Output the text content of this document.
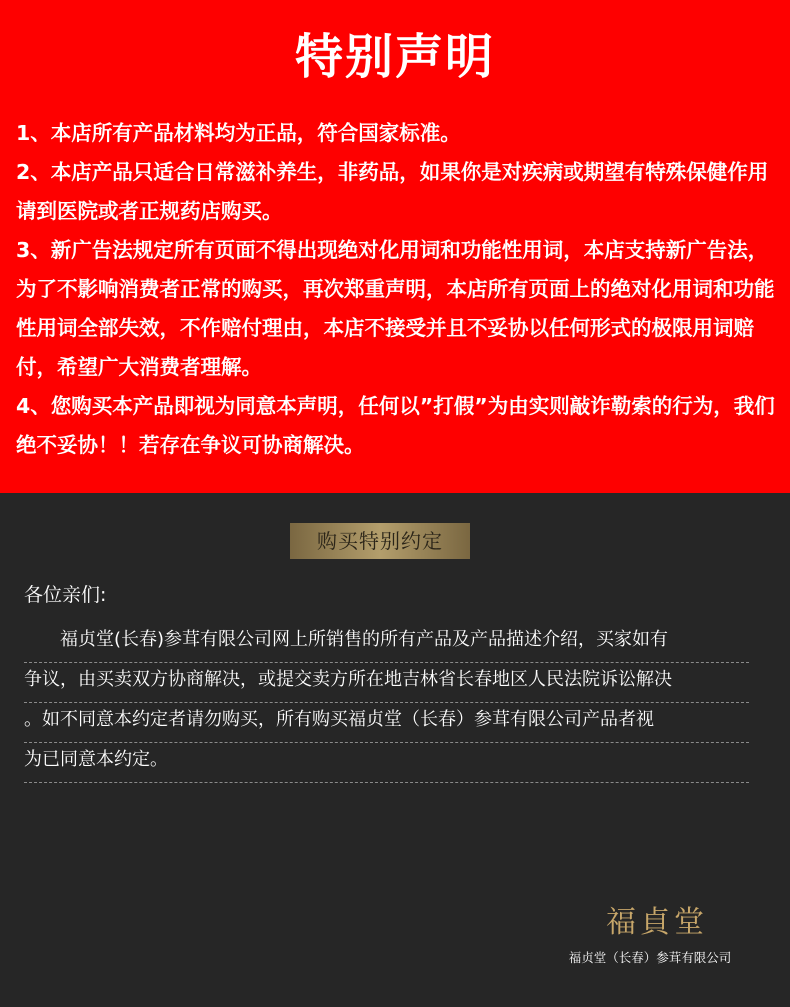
特别声明

1、本店所有产品材料均为正品，符合国家标准。

2、本店产品只适合日常滋补养生，非药品，如果你是对疾病或期望有特殊保健作用请到医院或者正规药店购买。

3、新广告法规定所有页面不得出现绝对化用词和功能性用词，本店支持新广告法，为了不影响消费者正常的购买，再次郑重声明，本店所有页面上的绝对化用词和功能性用词全部失效，不作赔付理由，本店不接受并且不妥协以任何形式的极限用词赔付，希望广大消费者理解。

4、您购买本产品即视为同意本声明，任何以”打假”为由实则敲诈勒索的行为，我们绝不妥协！！若存在争议可协商解决。

购买特别约定
各位亲们:
　　福贞堂(长春)参茸有限公司网上所销售的所有产品及产品描述介绍，买家如有
争议，由买卖双方协商解决，或提交卖方所在地吉林省长春地区人民法院诉讼解决
。如不同意本约定者请勿购买，所有购买福贞堂（长春）参茸有限公司产品者视
为已同意本约定。
福貞堂
福贞堂（长春）参茸有限公司
